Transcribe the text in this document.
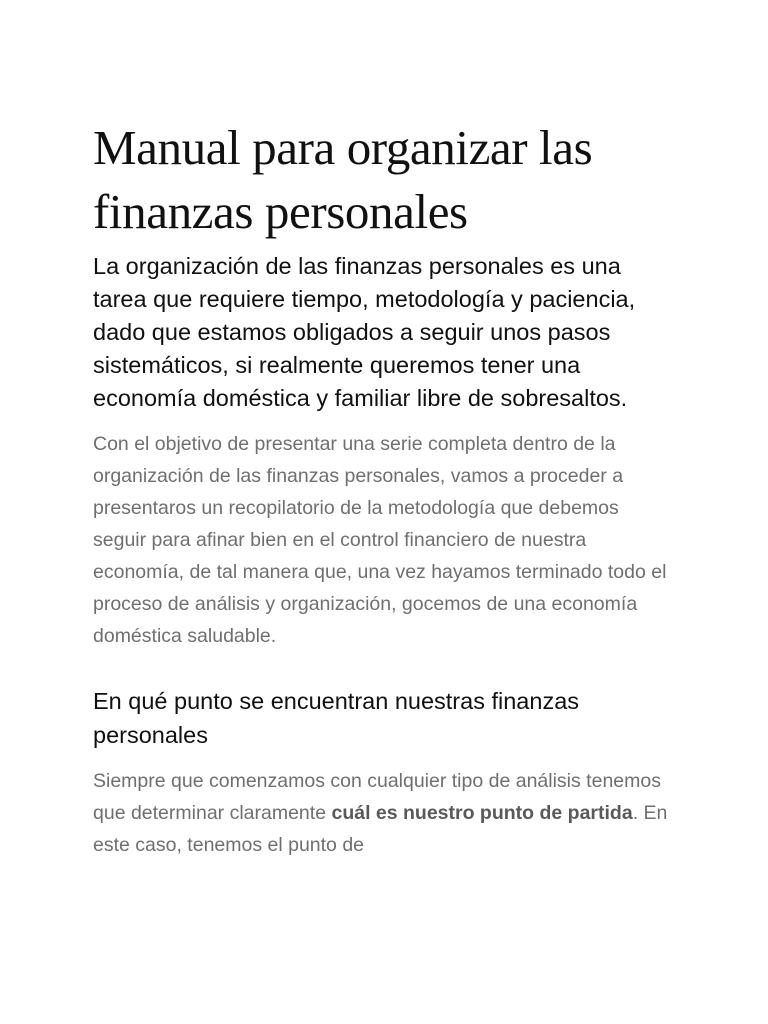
Manual para organizar las finanzas personales

La organización de las finanzas personales es una tarea que requiere tiempo, metodología y paciencia, dado que estamos obligados a seguir unos pasos sistemáticos, si realmente queremos tener una economía doméstica y familiar libre de sobresaltos.

Con el objetivo de presentar una serie completa dentro de la organización de las finanzas personales, vamos a proceder a presentaros un recopilatorio de la metodología que debemos seguir para afinar bien en el control financiero de nuestra economía, de tal manera que, una vez hayamos terminado todo el proceso de análisis y organización, gocemos de una economía doméstica saludable.

En qué punto se encuentran nuestras finanzas personales

Siempre que comenzamos con cualquier tipo de análisis tenemos que determinar claramente cuál es nuestro punto de partida. En este caso, tenemos el punto de
